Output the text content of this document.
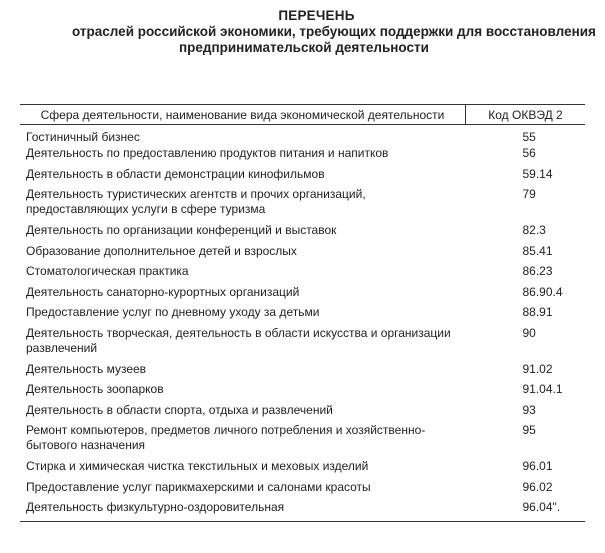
ПЕРЕЧЕНЬ
отраслей российской экономики, требующих поддержки для восстановления
предпринимательской деятельности
Сфера деятельности, наименование вида экономической деятельности	Код ОКВЭД 2
Гостиничный бизнес	55
Деятельность по предоставлению продуктов питания и напитков	56
Деятельность в области демонстрации кинофильмов	59.14
Деятельность туристических агентств и прочих организаций, предоставляющих услуги в сфере туризма	79
Деятельность по организации конференций и выставок	82.3
Образование дополнительное детей и взрослых	85.41
Стоматологическая практика	86.23
Деятельность санаторно-курортных организаций	86.90.4
Предоставление услуг по дневному уходу за детьми	88.91
Деятельность творческая, деятельность в области искусства и организации развлечений	90
Деятельность музеев	91.02
Деятельность зоопарков	91.04.1
Деятельность в области спорта, отдыха и развлечений	93
Ремонт компьютеров, предметов личного потребления и хозяйственно-бытового назначения	95
Стирка и химическая чистка текстильных и меховых изделий	96.01
Предоставление услуг парикмахерскими и салонами красоты	96.02
Деятельность физкультурно-оздоровительная	96.04".
